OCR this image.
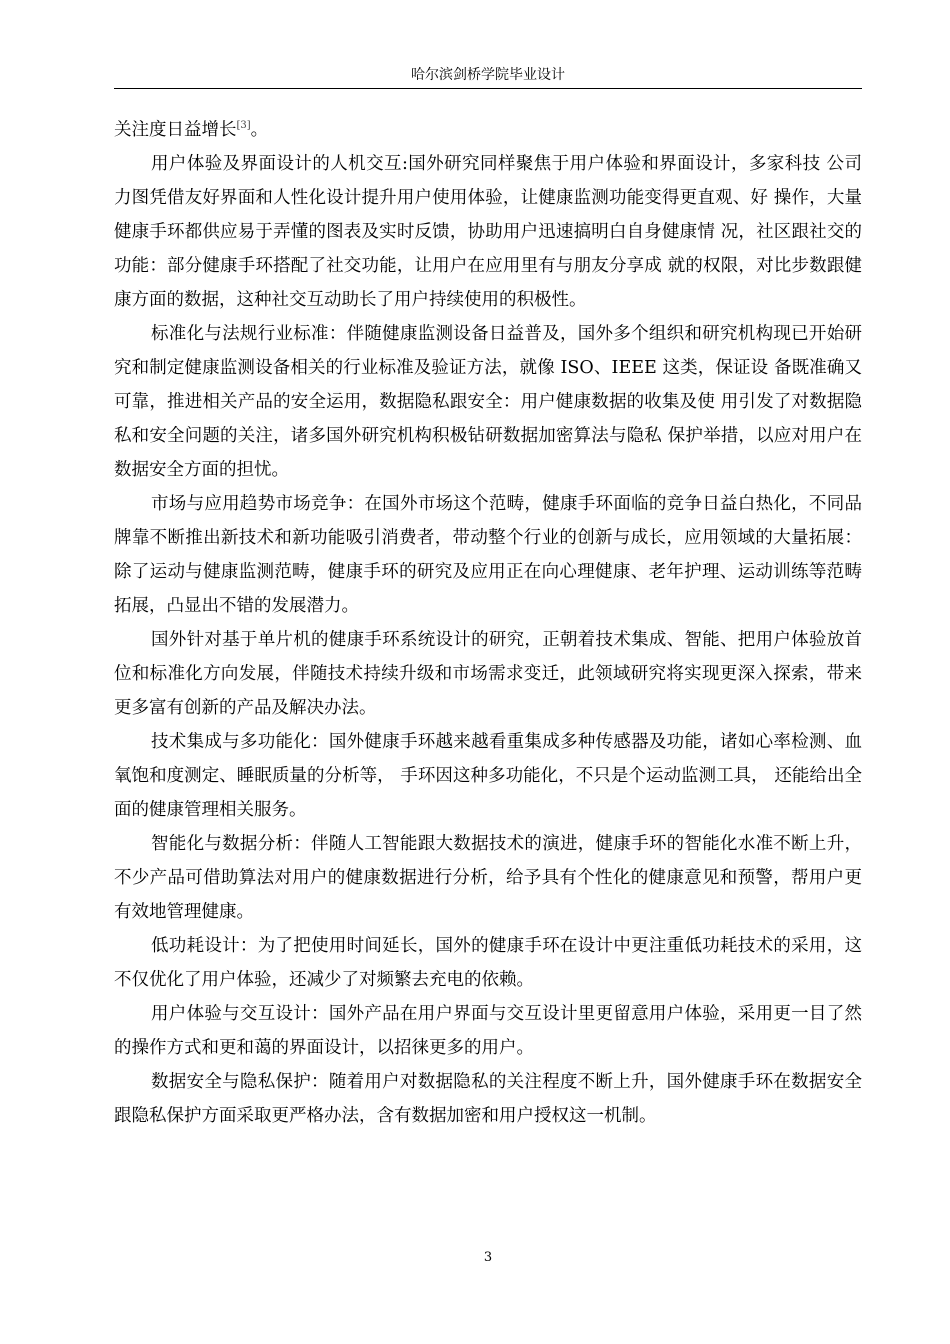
哈尔滨剑桥学院毕业设计

关注度日益增长[3]。

用户体验及界面设计的人机交互:国外研究同样聚焦于用户体验和界面设计，多家科技 公司力图凭借友好界面和人性化设计提升用户使用体验，让健康监测功能变得更直观、好 操作，大量健康手环都供应易于弄懂的图表及实时反馈，协助用户迅速搞明白自身健康情 况，社区跟社交的功能：部分健康手环搭配了社交功能，让用户在应用里有与朋友分享成 就的权限，对比步数跟健康方面的数据，这种社交互动助长了用户持续使用的积极性。

标准化与法规行业标准：伴随健康监测设备日益普及，国外多个组织和研究机构现已开始研究和制定健康监测设备相关的行业标准及验证方法，就像 ISO、IEEE 这类，保证设 备既准确又可靠，推进相关产品的安全运用，数据隐私跟安全：用户健康数据的收集及使 用引发了对数据隐私和安全问题的关注，诸多国外研究机构积极钻研数据加密算法与隐私 保护举措，以应对用户在数据安全方面的担忧。

市场与应用趋势市场竞争：在国外市场这个范畴，健康手环面临的竞争日益白热化，不同品牌靠不断推出新技术和新功能吸引消费者，带动整个行业的创新与成长，应用领域的大量拓展：除了运动与健康监测范畴，健康手环的研究及应用正在向心理健康、老年护理、运动训练等范畴拓展，凸显出不错的发展潜力。

国外针对基于单片机的健康手环系统设计的研究，正朝着技术集成、智能、把用户体验放首位和标准化方向发展，伴随技术持续升级和市场需求变迁，此领域研究将实现更深入探索，带来更多富有创新的产品及解决办法。

技术集成与多功能化：国外健康手环越来越看重集成多种传感器及功能，诸如心率检测、血氧饱和度测定、睡眠质量的分析等， 手环因这种多功能化，不只是个运动监测工具， 还能给出全面的健康管理相关服务。

智能化与数据分析：伴随人工智能跟大数据技术的演进，健康手环的智能化水准不断上升，不少产品可借助算法对用户的健康数据进行分析，给予具有个性化的健康意见和预警，帮用户更有效地管理健康。

低功耗设计：为了把使用时间延长，国外的健康手环在设计中更注重低功耗技术的采用，这不仅优化了用户体验，还减少了对频繁去充电的依赖。

用户体验与交互设计：国外产品在用户界面与交互设计里更留意用户体验，采用更一目了然的操作方式和更和蔼的界面设计，以招徕更多的用户。

数据安全与隐私保护：随着用户对数据隐私的关注程度不断上升，国外健康手环在数据安全跟隐私保护方面采取更严格办法，含有数据加密和用户授权这一机制。

3
